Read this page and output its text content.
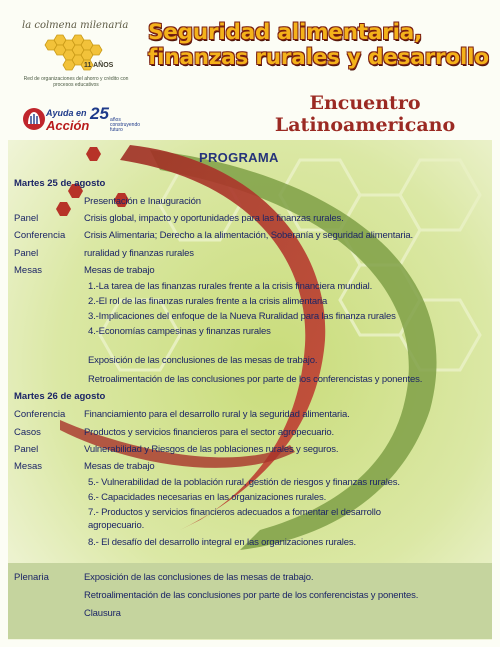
la colmena milenaria
11 AÑOS
Red de organizaciones del ahorro y crédito con procesos educativos
Ayuda en
Acción
25 años construyendo futuro
Seguridad alimentaria, finanzas rurales y desarrollo
Encuentro Latinoamericano
PROGRAMA
Martes 25 de agosto
Martes 26 de agosto
Presentación e Inauguración
Panel	Crisis global, impacto y oportunidades para las finanzas rurales.
Conferencia Crisis Alimentaria; Derecho a la alimentación, Soberanía y seguridad alimentaria.
Panel	ruralidad y finanzas rurales
Mesas	Mesas de trabajo
1.-La tarea de las finanzas rurales frente a la crisis financiera mundial.
2.-El rol de las finanzas rurales frente a la crisis alimentaria
3.-Implicaciones del enfoque de la Nueva Ruralidad para las finanza rurales
4.-Economías campesinas y finanzas rurales
Exposición de las conclusiones de las mesas de trabajo.
Retroalimentación de las conclusiones por parte de los conferencistas y ponentes.
Conferencia Financiamiento para el desarrollo rural y la seguridad alimentaria.
Casos	Productos y servicios financieros para el sector agropecuario.
Panel	Vulnerabilidad y Riesgos de las poblaciones rurales y seguros.
Mesas	Mesas de trabajo
5.- Vulnerabilidad de la población rural, gestión de riesgos y finanzas rurales.
6.- Capacidades necesarias en las organizaciones rurales.
7.- Productos y servicios financieros adecuados a fomentar el desarrollo
agropecuario.
8.- El desafío del desarrollo integral en las organizaciones rurales.
Plenaria	Exposición de las conclusiones de las mesas de trabajo.
Retroalimentación de las conclusiones por parte de los conferencistas y ponentes.
Clausura
